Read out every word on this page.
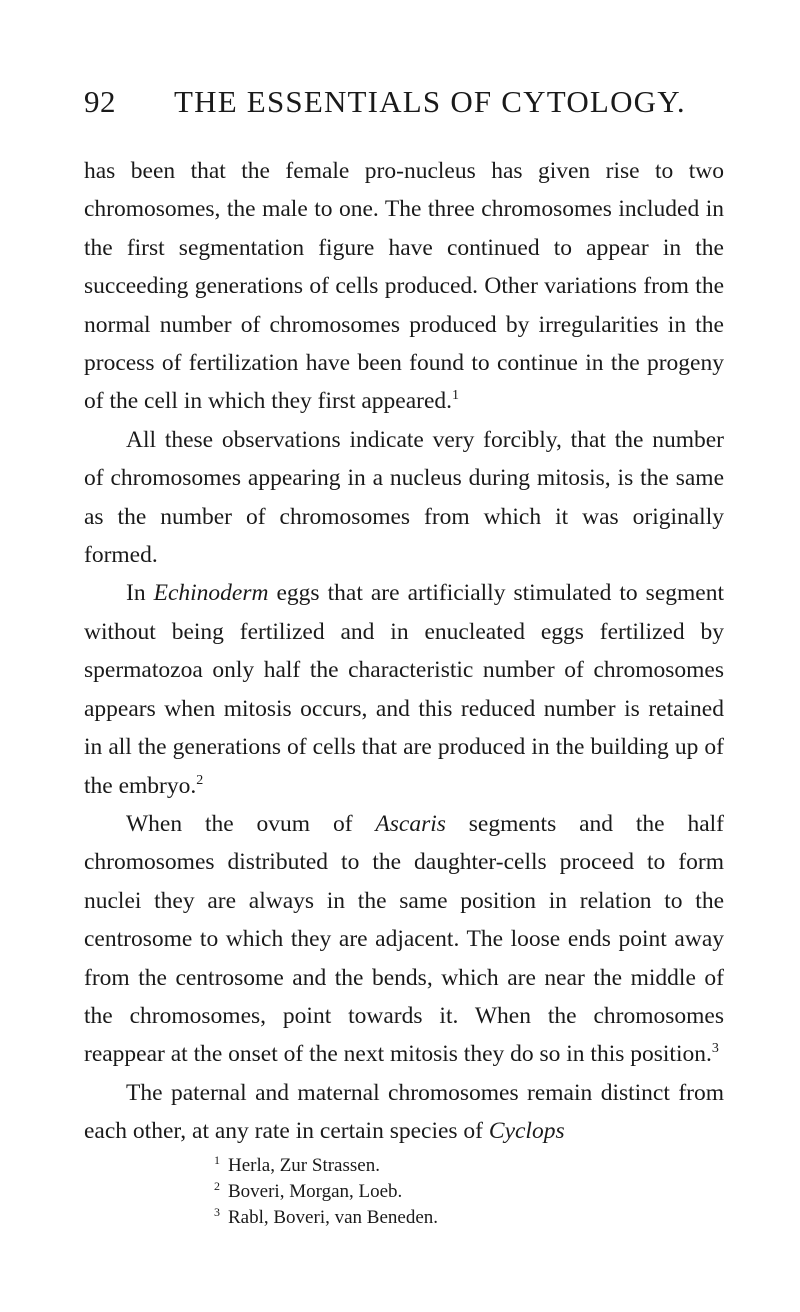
92 THE ESSENTIALS OF CYTOLOGY.

has been that the female pro-nucleus has given rise to two chromosomes, the male to one. The three chromosomes included in the first segmentation figure have continued to appear in the succeeding generations of cells produced. Other variations from the normal number of chromosomes produced by irregularities in the process of fertilization have been found to continue in the progeny of the cell in which they first appeared.$^1$

All these observations indicate very forcibly, that the number of chromosomes appearing in a nucleus during mitosis, is the same as the number of chromosomes from which it was originally formed.

In Echinoderm eggs that are artificially stimulated to segment without being fertilized and in enucleated eggs fertilized by spermatozoa only half the characteristic number of chromosomes appears when mitosis occurs, and this reduced number is retained in all the generations of cells that are produced in the building up of the embryo.$^2$

When the ovum of Ascaris segments and the half chromosomes distributed to the daughter-cells proceed to form nuclei they are always in the same position in relation to the centrosome to which they are adjacent. The loose ends point away from the centrosome and the bends, which are near the middle of the chromosomes, point towards it. When the chromosomes reappear at the onset of the next mitosis they do so in this position.$^3$

The paternal and maternal chromosomes remain distinct from each other, at any rate in certain species of Cyclops

$^1$ Herla, Zur Strassen.
$^2$ Boveri, Morgan, Loeb.
$^3$ Rabl, Boveri, van Beneden.
